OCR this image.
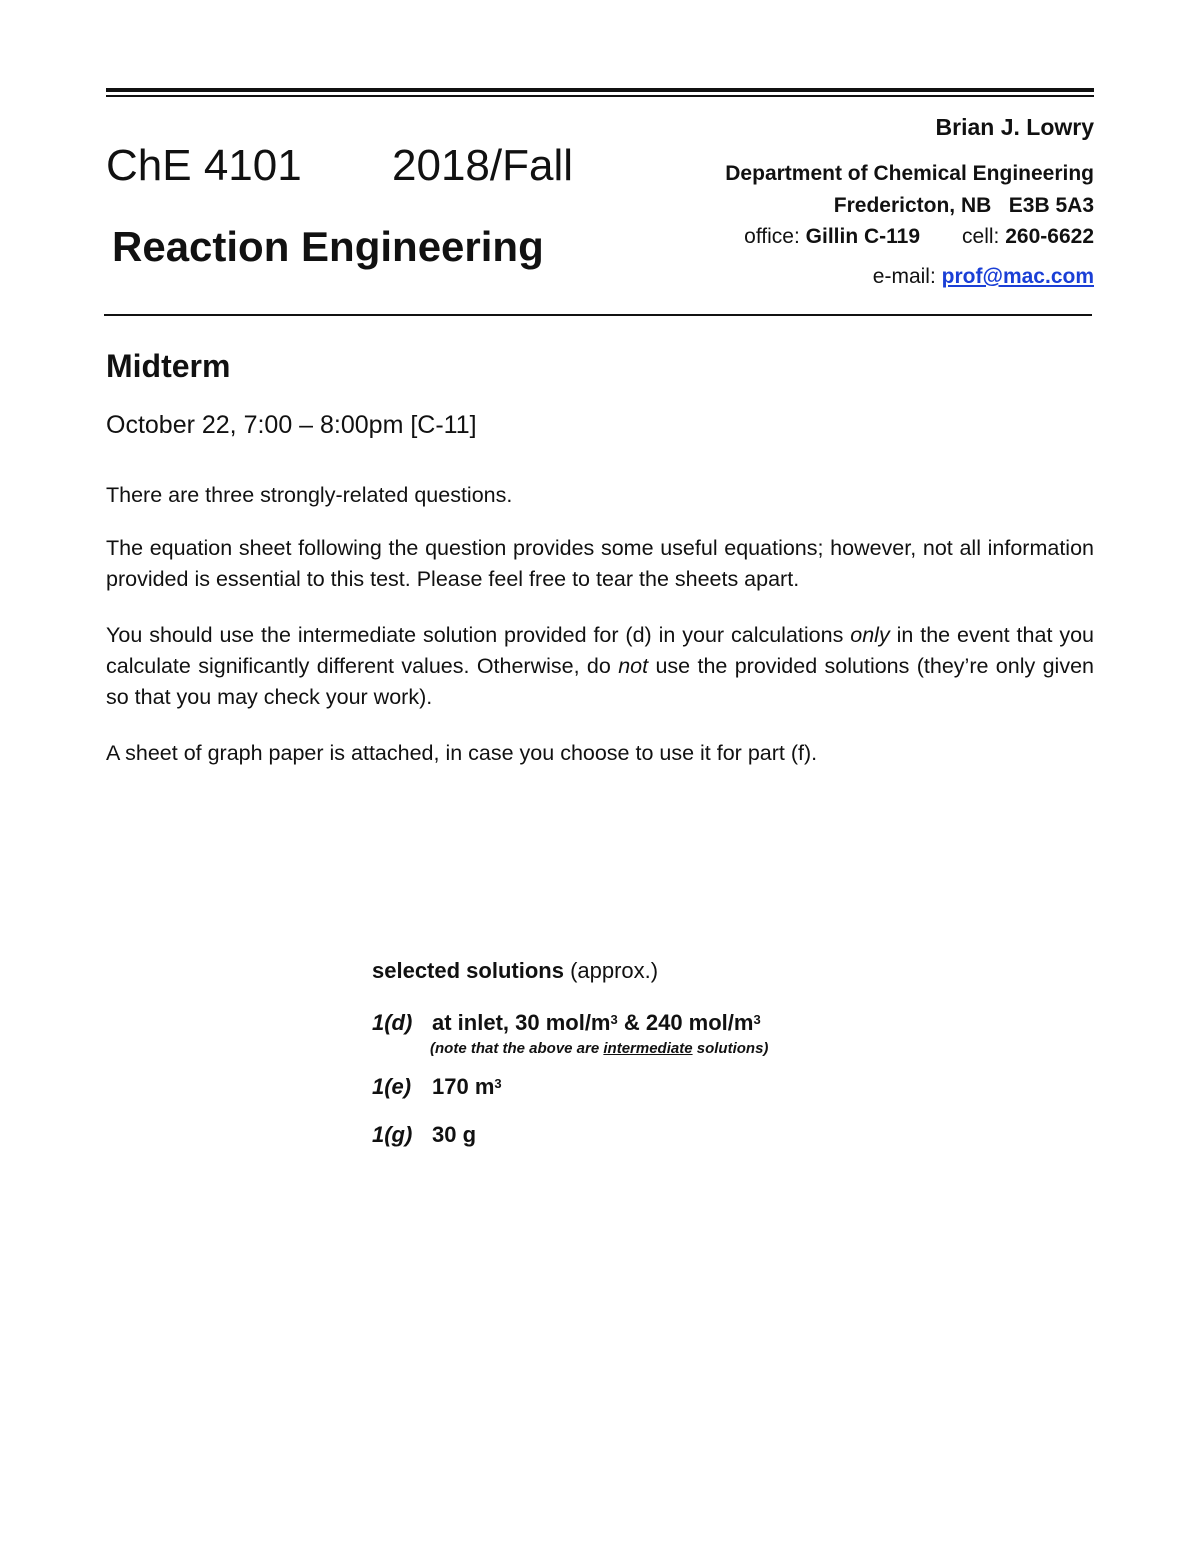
ChE 4101 2018/Fall
Reaction Engineering
Brian J. Lowry
Department of Chemical Engineering
Fredericton, NB   E3B 5A3
office: Gillin C-119 cell: 260-6622
e-mail: prof@mac.com
Midterm
October 22, 7:00 – 8:00pm [C-11]
There are three strongly-related questions.
The equation sheet following the question provides some useful equations; however, not all information provided is essential to this test. Please feel free to tear the sheets apart.
You should use the intermediate solution provided for (d) in your calculations only in the event that you calculate significantly different values. Otherwise, do not use the provided solutions (they’re only given so that you may check your work).
A sheet of graph paper is attached, in case you choose to use it for part (f).
selected solutions (approx.)
1(d) at inlet, 30 mol/$m^3$ & 240 mol/$m^3$
(note that the above are intermediate solutions)
1(e) 170 $m^3$
1(g) 30 g
